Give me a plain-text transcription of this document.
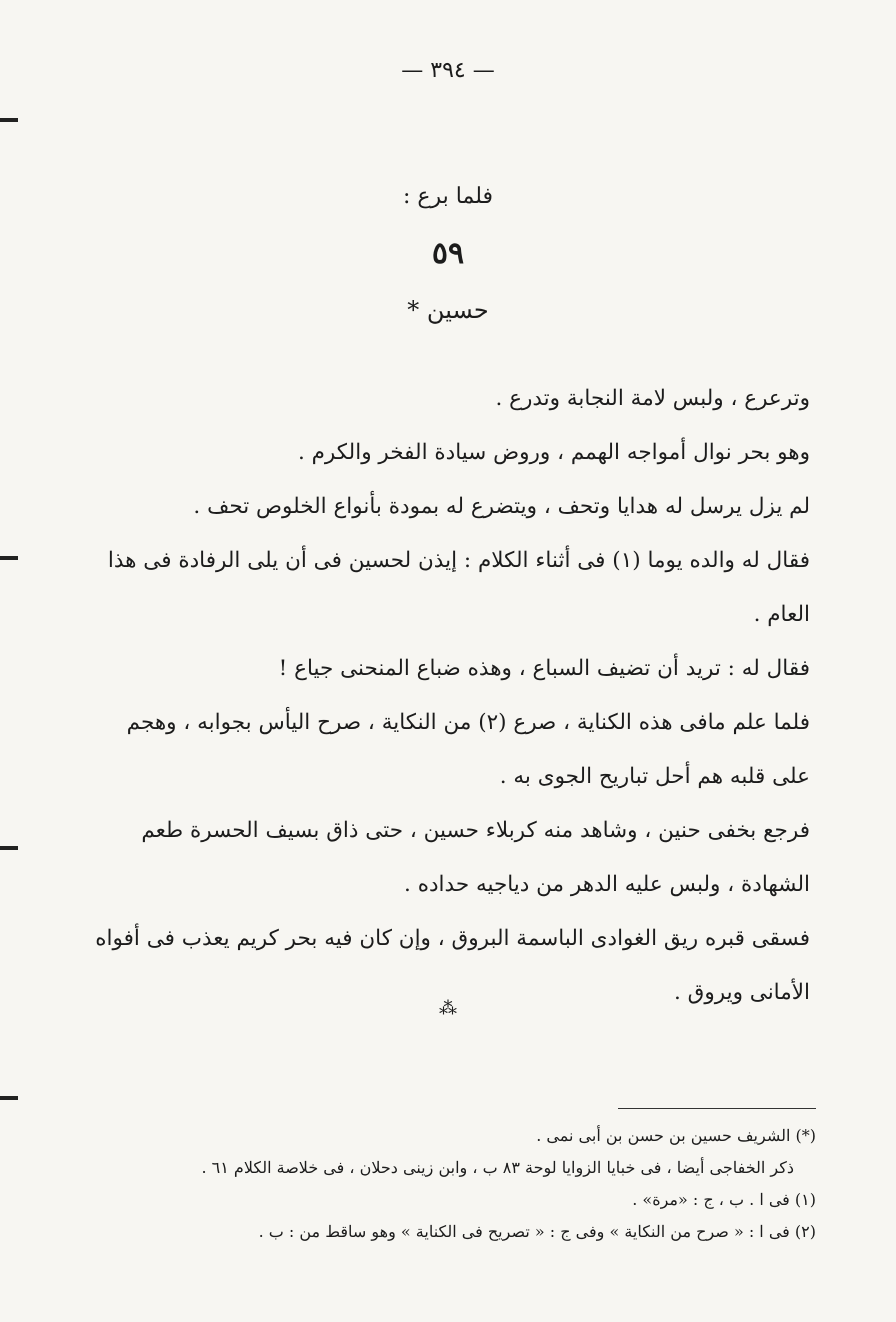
— ٣٩٤ —
فلما برع :
٥٩
حسين *

وترعرع ، ولبس لامة النجابة وتدرع .

وهو بحر نوال أمواجه الهمم ، وروض سيادة الفخر والكرم .

لم يزل يرسل له هدايا وتحف ، ويتضرع له بمودة بأنواع الخلوص تحف .

فقال له والده يوما (١) فى أثناء الكلام : إيذن لحسين فى أن يلى الرفادة فى هذا العام .

فقال له : تريد أن تضيف السباع ، وهذه ضباع المنحنى جياع !

فلما علم مافى هذه الكناية ، صرع (٢) من النكاية ، صرح اليأس بجوابه ، وهجم على قلبه هم أحل تباريح الجوى به .

فرجع بخفى حنين ، وشاهد منه كربلاء حسين ، حتى ذاق بسيف الحسرة طعم الشهادة ، ولبس عليه الدهر من دياجيه حداده .

فسقى قبره ريق الغوادى الباسمة البروق ، وإن كان فيه بحر كريم يعذب فى أفواه الأمانى ويروق .

⁂

(*) الشريف حسين بن حسن بن أبى نمى .

ذكر الخفاجى أيضا ، فى خبايا الزوايا لوحة ٨٣ ب ، وابن زينى دحلان ، فى خلاصة الكلام ٦١ .

(١) فى ا . ب ، ج : «مرة» .

(٢) فى ا : « صرح من النكاية » وفى ج : « تصريح فى الكناية » وهو ساقط من : ب .
